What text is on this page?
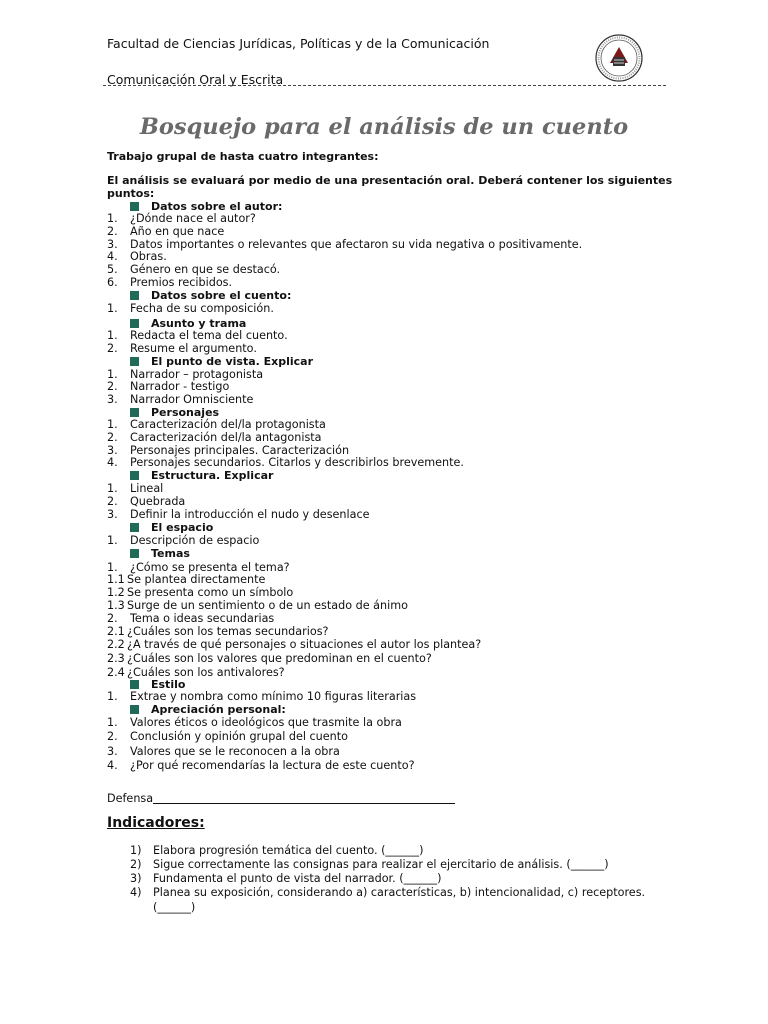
Facultad de Ciencias Jurídicas, Políticas y de la Comunicación
Comunicación Oral y Escrita
Bosquejo para el análisis de un cuento
Trabajo grupal de hasta cuatro integrantes:
El análisis se evaluará por medio de una presentación oral. Deberá contener los siguientes puntos:
Datos sobre el autor:
1. ¿Dónde nace el autor?
2. Año en que nace
3. Datos importantes o relevantes que afectaron su vida negativa o positivamente.
4. Obras.
5. Género en que se destacó.
6. Premios recibidos.
Datos sobre el cuento:
1. Fecha de su composición.
Asunto y trama
1. Redacta el tema del cuento.
2. Resume el argumento.
El punto de vista. Explicar
1. Narrador – protagonista
2. Narrador - testigo
3. Narrador Omnisciente
Personajes
1. Caracterización del/la protagonista
2. Caracterización del/la antagonista
3. Personajes principales. Caracterización
4. Personajes secundarios. Citarlos y describirlos brevemente.
Estructura. Explicar
1. Lineal
2. Quebrada
3. Definir la introducción el nudo y desenlace
El espacio
1. Descripción de espacio
Temas
1. ¿Cómo se presenta el tema?
1.1 Se plantea directamente
1.2 Se presenta como un símbolo
1.3 Surge de un sentimiento o de un estado de ánimo
2. Tema o ideas secundarias
2.1 ¿Cuáles son los temas secundarios?
2.2 ¿A través de qué personajes o situaciones el autor los plantea?
2.3 ¿Cuáles son los valores que predominan en el cuento?
2.4 ¿Cuáles son los antivalores?
Estilo
1. Extrae y nombra como mínimo 10 figuras literarias
Apreciación personal:
1. Valores éticos o ideológicos que trasmite la obra
2. Conclusión y opinión grupal del cuento
3. Valores que se le reconocen a la obra
4. ¿Por qué recomendarías la lectura de este cuento?
Defensa
Indicadores:
1) Elabora progresión temática del cuento. (______)
2) Sigue correctamente las consignas para realizar el ejercitario de análisis. (______)
3) Fundamenta el punto de vista del narrador. (______)
4) Planea su exposición, considerando a) características, b) intencionalidad, c) receptores. (______)
